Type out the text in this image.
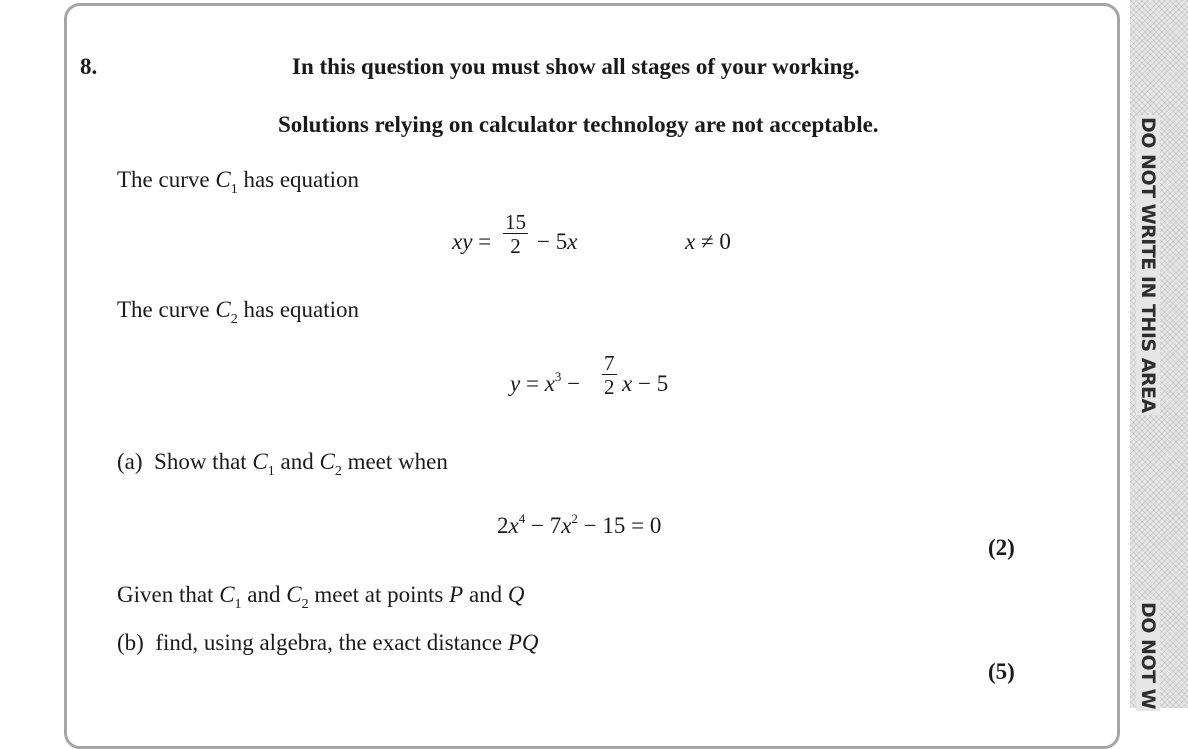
8.	In this question you must show all stages of your working.
Solutions relying on calculator technology are not acceptable.
The curve $C_1$ has equation
xy = $\frac{15}{2} - 5x$	x ≠ 0
The curve $C_2$ has equation
$y = x^3 - \frac{7}{2}$ x − 5
(a) Show that $C_1$ and $C_2$ meet when
$2x^4 - 7x^2 - 15 = 0$
(2)
Given that $C_1$ and $C_2$ meet at points P and Q
(b) find, using algebra, the exact distance PQ
(5)
DO NOT WRITE IN THIS AREA
DO NOT W
